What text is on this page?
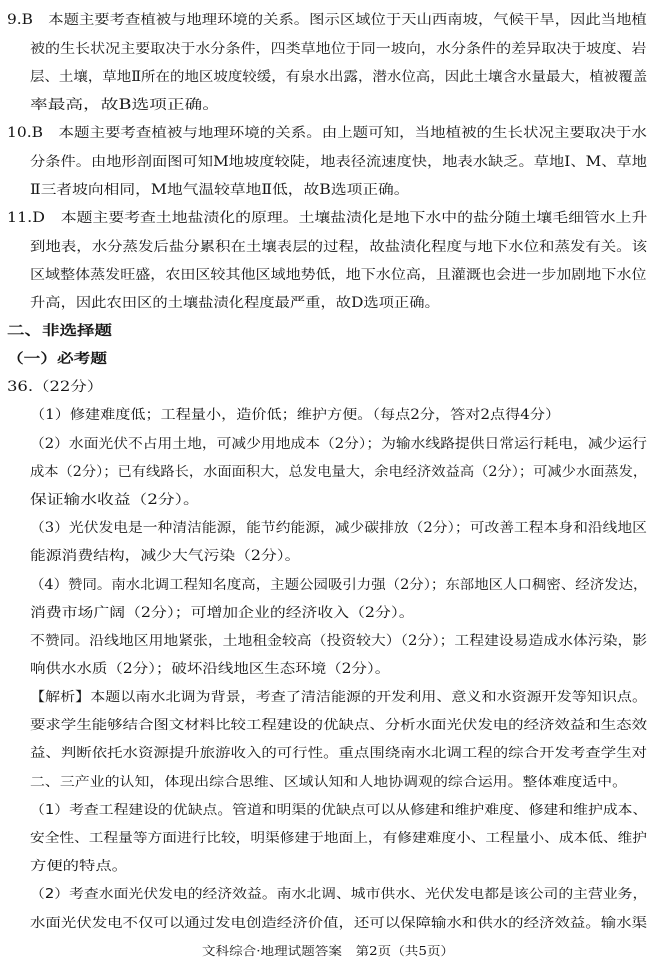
9.B　本题主要考查植被与地理环境的关系。图示区域位于天山西南坡，气候干旱，因此当地植
被的生长状况主要取决于水分条件，四类草地位于同一坡向，水分条件的差异取决于坡度、岩
层、土壤，草地Ⅱ所在的地区坡度较缓，有泉水出露，潜水位高，因此土壤含水量最大，植被覆盖
率最高，故B选项正确。
10.B　本题主要考查植被与地理环境的关系。由上题可知，当地植被的生长状况主要取决于水
分条件。由地形剖面图可知M地坡度较陡，地表径流速度快，地表水缺乏。草地Ⅰ、M、草地
Ⅱ三者坡向相同，M地气温较草地Ⅱ低，故B选项正确。
11.D　本题主要考查土地盐渍化的原理。土壤盐渍化是地下水中的盐分随土壤毛细管水上升
到地表，水分蒸发后盐分累积在土壤表层的过程，故盐渍化程度与地下水位和蒸发有关。该
区域整体蒸发旺盛，农田区较其他区域地势低，地下水位高，且灌溉也会进一步加剧地下水位
升高，因此农田区的土壤盐渍化程度最严重，故D选项正确。
二、非选择题
（一）必考题
36.（22分）
（1）修建难度低；工程量小，造价低；维护方便。（每点2分，答对2点得4分）
（2）水面光伏不占用土地，可减少用地成本（2分）；为输水线路提供日常运行耗电，减少运行
成本（2分）；已有线路长，水面面积大，总发电量大，余电经济效益高（2分）；可减少水面蒸发，
保证输水收益（2分）。
（3）光伏发电是一种清洁能源，能节约能源，减少碳排放（2分）；可改善工程本身和沿线地区
能源消费结构，减少大气污染（2分）。
（4）赞同。南水北调工程知名度高，主题公园吸引力强（2分）；东部地区人口稠密、经济发达，
消费市场广阔（2分）；可增加企业的经济收入（2分）。
不赞同。沿线地区用地紧张，土地租金较高（投资较大）（2分）；工程建设易造成水体污染，影
响供水水质（2分）；破坏沿线地区生态环境（2分）。
【解析】本题以南水北调为背景，考查了清洁能源的开发利用、意义和水资源开发等知识点。
要求学生能够结合图文材料比较工程建设的优缺点、分析水面光伏发电的经济效益和生态效
益、判断依托水资源提升旅游收入的可行性。重点围绕南水北调工程的综合开发考查学生对
二、三产业的认知，体现出综合思维、区域认知和人地协调观的综合运用。整体难度适中。
（1）考查工程建设的优缺点。管道和明渠的优缺点可以从修建和维护难度、修建和维护成本、
安全性、工程量等方面进行比较，明渠修建于地面上，有修建难度小、工程量小、成本低、维护
方便的特点。
（2）考查水面光伏发电的经济效益。南水北调、城市供水、光伏发电都是该公司的主营业务，
水面光伏发电不仅可以通过发电创造经济价值，还可以保障输水和供水的经济效益。输水渠
文科综合·地理试题答案　第2页（共5页）
